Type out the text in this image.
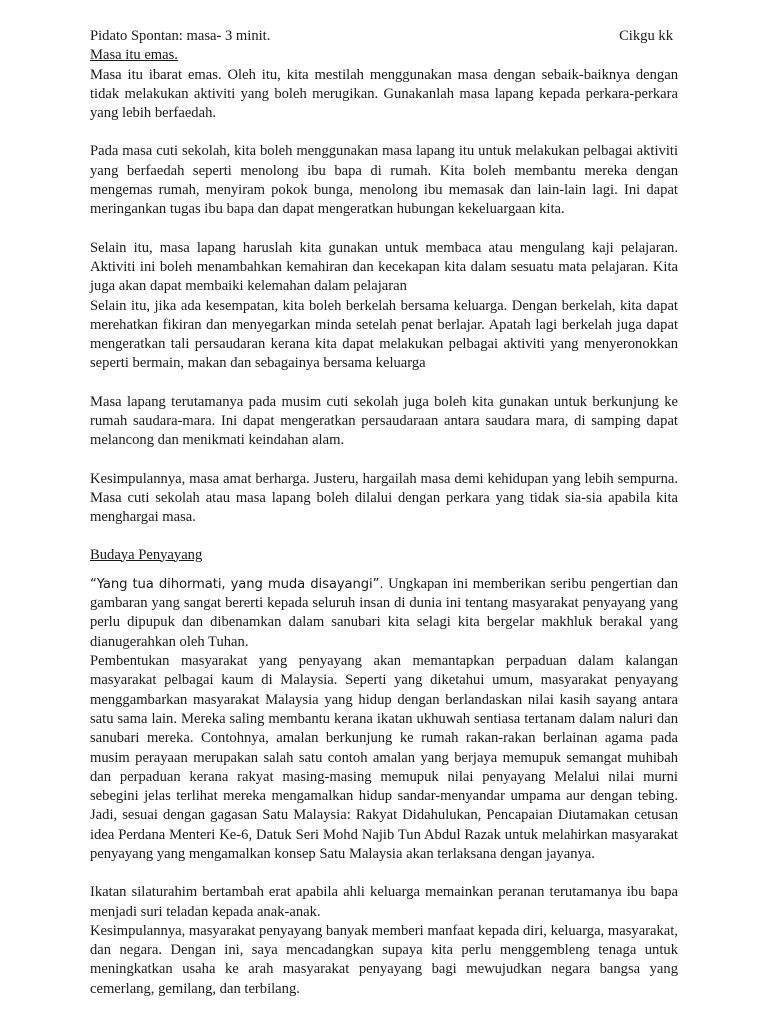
Pidato Spontan: masa- 3 minit.	Cikgu kk

Masa itu emas.

Masa itu ibarat emas. Oleh itu, kita mestilah menggunakan masa dengan sebaik-baiknya dengan tidak melakukan aktiviti yang boleh merugikan. Gunakanlah masa lapang kepada perkara-perkara yang lebih berfaedah.

Pada masa cuti sekolah, kita boleh menggunakan masa lapang itu untuk melakukan pelbagai aktiviti yang berfaedah seperti menolong ibu bapa di rumah. Kita boleh membantu mereka dengan mengemas rumah, menyiram pokok bunga, menolong ibu memasak dan lain-lain lagi. Ini dapat meringankan tugas ibu bapa dan dapat mengeratkan hubungan kekeluargaan kita.

Selain itu, masa lapang haruslah kita gunakan untuk membaca atau mengulang kaji pelajaran. Aktiviti ini boleh menambahkan kemahiran dan kecekapan kita dalam sesuatu mata pelajaran. Kita juga akan dapat membaiki kelemahan dalam pelajaran

Selain itu, jika ada kesempatan, kita boleh berkelah bersama keluarga. Dengan berkelah, kita dapat merehatkan fikiran dan menyegarkan minda setelah penat berlajar. Apatah lagi berkelah juga dapat mengeratkan tali persaudaran kerana kita dapat melakukan pelbagai aktiviti yang menyeronokkan seperti bermain, makan dan sebagainya bersama keluarga

Masa lapang terutamanya pada musim cuti sekolah juga boleh kita gunakan untuk berkunjung ke rumah saudara-mara. Ini dapat mengeratkan persaudaraan antara saudara mara, di samping dapat melancong dan menikmati keindahan alam.

Kesimpulannya, masa amat berharga. Justeru, hargailah masa demi kehidupan yang lebih sempurna. Masa cuti sekolah atau masa lapang boleh dilalui dengan perkara yang tidak sia-sia apabila kita menghargai masa.

Budaya Penyayang

“Yang tua dihormati, yang muda disayangi”. Ungkapan ini memberikan seribu pengertian dan gambaran yang sangat bererti kepada seluruh insan di dunia ini tentang masyarakat penyayang yang perlu dipupuk dan dibenamkan dalam sanubari kita selagi kita bergelar makhluk berakal yang dianugerahkan oleh Tuhan.

Pembentukan masyarakat yang penyayang akan memantapkan perpaduan dalam kalangan masyarakat pelbagai kaum di Malaysia. Seperti yang diketahui umum, masyarakat penyayang menggambarkan masyarakat Malaysia yang hidup dengan berlandaskan nilai kasih sayang antara satu sama lain. Mereka saling membantu kerana ikatan ukhuwah sentiasa tertanam dalam naluri dan sanubari mereka. Contohnya, amalan berkunjung ke rumah rakan-rakan berlainan agama pada musim perayaan merupakan salah satu contoh amalan yang berjaya memupuk semangat muhibah dan perpaduan kerana rakyat masing-masing memupuk nilai penyayang Melalui nilai murni sebegini jelas terlihat mereka mengamalkan hidup sandar-menyandar umpama aur dengan tebing. Jadi, sesuai dengan gagasan Satu Malaysia: Rakyat Didahulukan, Pencapaian Diutamakan cetusan idea Perdana Menteri Ke-6, Datuk Seri Mohd Najib Tun Abdul Razak untuk melahirkan masyarakat penyayang yang mengamalkan konsep Satu Malaysia akan terlaksana dengan jayanya.

Ikatan silaturahim bertambah erat apabila ahli keluarga memainkan peranan terutamanya ibu bapa menjadi suri teladan kepada anak-anak.

Kesimpulannya, masyarakat penyayang banyak memberi manfaat kepada diri, keluarga, masyarakat, dan negara. Dengan ini, saya mencadangkan supaya kita perlu menggembleng tenaga untuk meningkatkan usaha ke arah masyarakat penyayang bagi mewujudkan negara bangsa yang cemerlang, gemilang, dan terbilang.
